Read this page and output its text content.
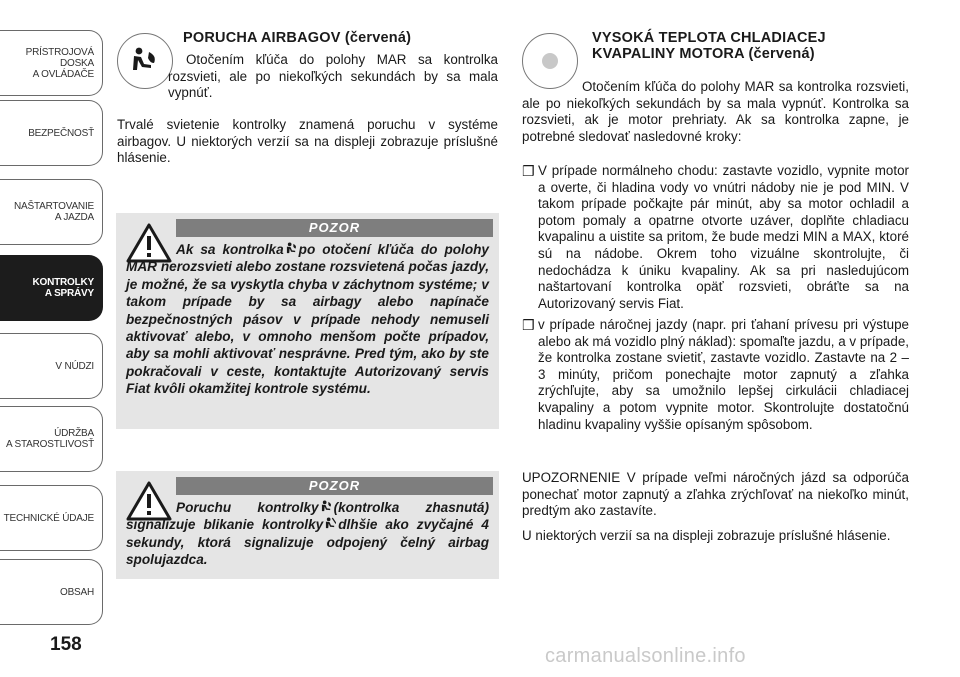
PRÍSTROJOVÁ
DOSKA
A OVLÁDAČE
BEZPEČNOSŤ
NAŠTARTOVANIE
A JAZDA
KONTROLKY
A SPRÁVY
V NÚDZI
ÚDRŽBA
A STAROSTLIVOSŤ
TECHNICKÉ ÚDAJE
OBSAH
158
PORUCHA AIRBAGOV (červená)

Otočením kľúča do polohy MAR sa kontrolka rozsvieti, ale po niekoľkých sekundách by sa mala vypnúť.

Trvalé svietenie kontrolky znamená poruchu v systéme airbagov. U niektorých verzií sa na displeji zobrazuje príslušné hlásenie.

POZOR

Ak sa kontrolka po otočení kľúča do polohy MAR nerozsvieti alebo zostane rozsvietená počas jazdy, je možné, že sa vyskytla chyba v záchytnom systéme; v takom prípade by sa airbagy alebo napínače bezpečnostných pásov v prípade nehody nemuseli aktivovať alebo, v omnoho menšom počte prípadov, aby sa mohli aktivovať nesprávne. Pred tým, ako by ste pokračovali v ceste, kontaktujte Autorizovaný servis Fiat kvôli okamžitej kontrole systému.

POZOR

Poruchu kontrolky (kontrolka zhasnutá) signalizuje blikanie kontrolky dlhšie ako zvyčajné 4 sekundy, ktorá signalizuje odpojený čelný airbag spolujazdca.

VYSOKÁ TEPLOTA CHLADIACEJ KVAPALINY MOTORA (červená)

Otočením kľúča do polohy MAR sa kontrolka rozsvieti, ale po niekoľkých sekundách by sa mala vypnúť. Kontrolka sa rozsvieti, ak je motor prehriaty. Ak sa kontrolka zapne, je potrebné sledovať nasledovné kroky:

❒ V prípade normálneho chodu: zastavte vozidlo, vypnite motor a overte, či hladina vody vo vnútri nádoby nie je pod MIN. V takom prípade počkajte pár minút, aby sa motor ochladil a potom pomaly a opatrne otvorte uzáver, doplňte chladiacu kvapalinu a uistite sa pritom, že bude medzi MIN a MAX, ktoré sú na nádobe. Okrem toho vizuálne skontrolujte, či nedochádza k úniku kvapaliny. Ak sa pri nasledujúcom naštartovaní kontrolka opäť rozsvieti, obráťte sa na Autorizovaný servis Fiat.
❒ v prípade náročnej jazdy (napr. pri ťahaní prívesu pri výstupe alebo ak má vozidlo plný náklad): spomaľte jazdu, a v prípade, že kontrolka zostane svietiť, zastavte vozidlo. Zastavte na 2 – 3 minúty, pričom ponechajte motor zapnutý a zľahka zrýchľujte, aby sa umožnilo lepšej cirkulácii chladiacej kvapaliny a potom vypnite motor. Skontrolujte dostatočnú hladinu kvapaliny vyššie opísaným spôsobom.

UPOZORNENIE V prípade veľmi náročných jázd sa odporúča ponechať motor zapnutý a zľahka zrýchľovať na niekoľko minút, predtým ako zastavíte.

U niektorých verzií sa na displeji zobrazuje príslušné hlásenie.

carmanualsonline.info
